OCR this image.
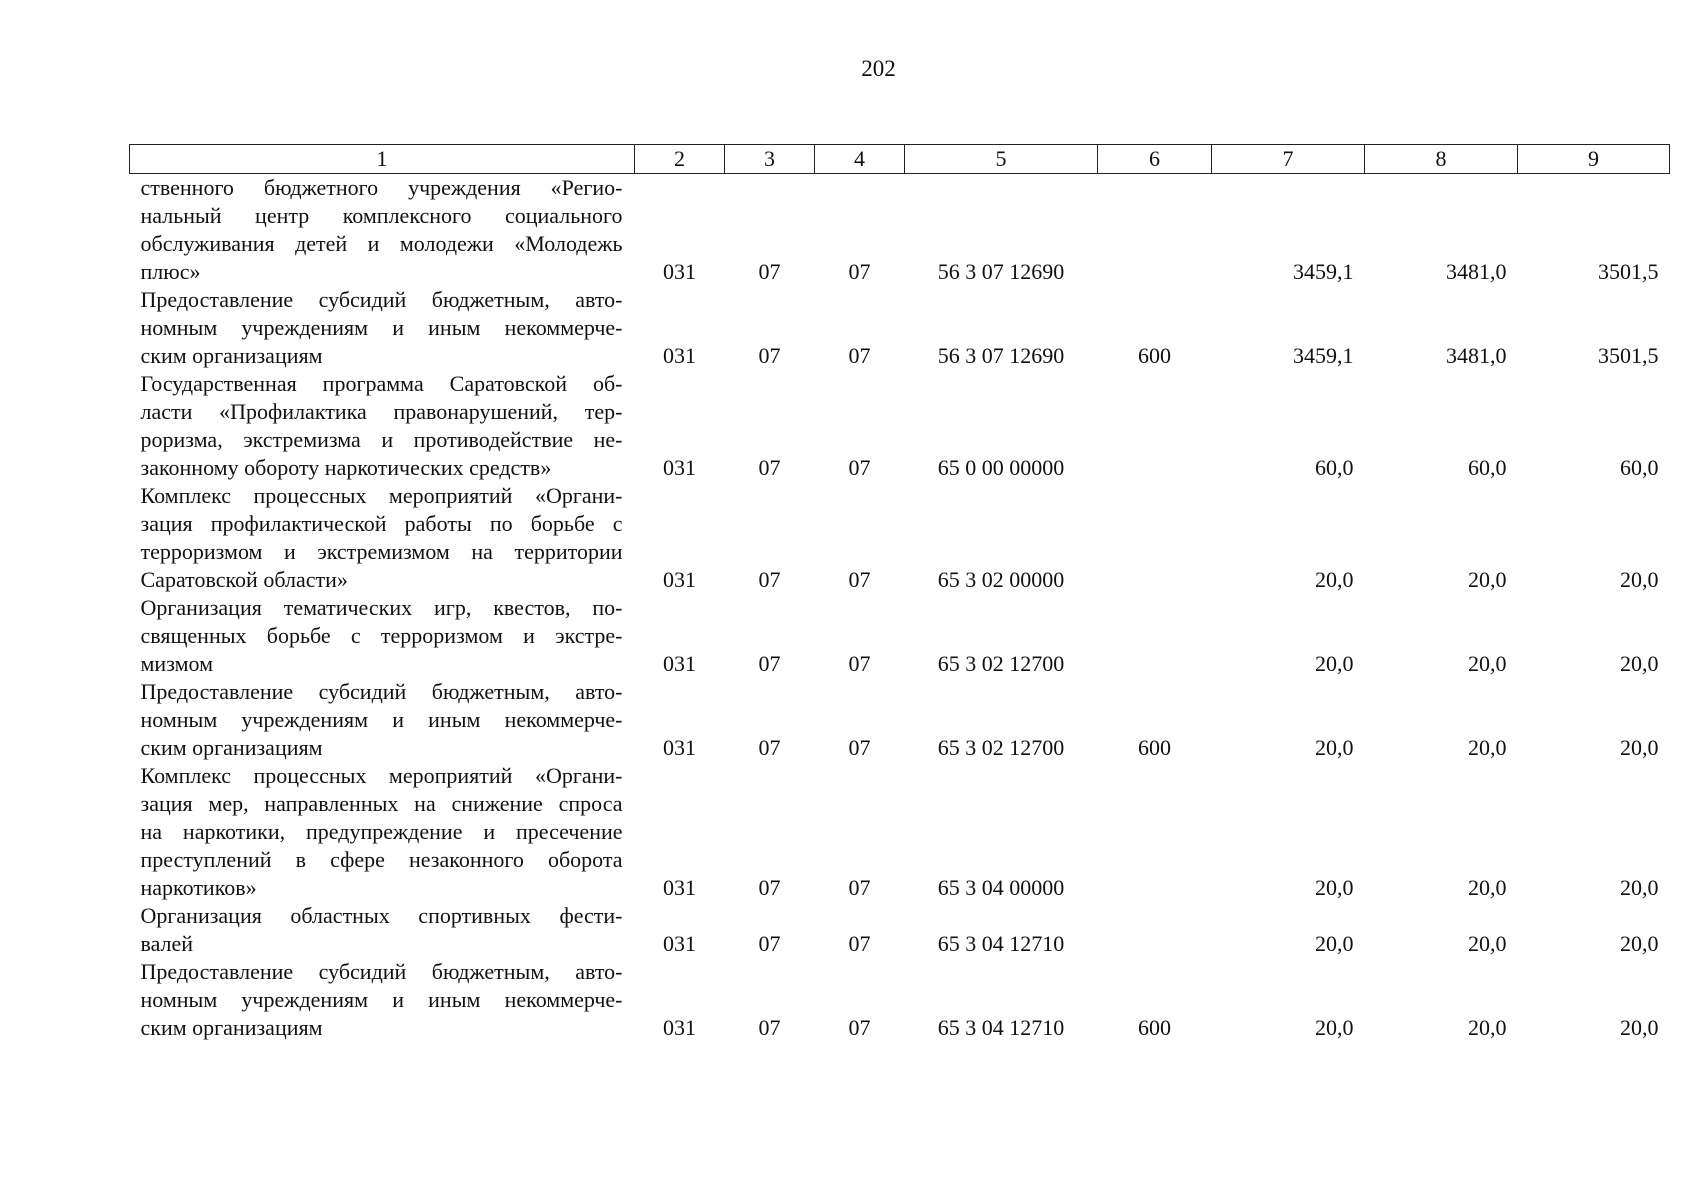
202
1	2	3	4	5	6	7	8	9

ственного бюджетного учреждения «Регио-
нальный центр комплексного социального
обслуживания детей и молодежи «Молодежь
плюс»	031	07	07	56 3 07 12690		3459,1	3481,0	3501,5

Предоставление субсидий бюджетным, авто-
номным учреждениям и иным некоммерче-
ским организациям	031	07	07	56 3 07 12690	600	3459,1	3481,0	3501,5

Государственная программа Саратовской об-
ласти «Профилактика правонарушений, тер-
роризма, экстремизма и противодействие не-
законному обороту наркотических средств»	031	07	07	65 0 00 00000		60,0	60,0	60,0

Комплекс процессных мероприятий «Органи-
зация профилактической работы по борьбе с
терроризмом и экстремизмом на территории
Саратовской области»	031	07	07	65 3 02 00000		20,0	20,0	20,0

Организация тематических игр, квестов, по-
священных борьбе с терроризмом и экстре-
мизмом	031	07	07	65 3 02 12700		20,0	20,0	20,0

Предоставление субсидий бюджетным, авто-
номным учреждениям и иным некоммерче-
ским организациям	031	07	07	65 3 02 12700	600	20,0	20,0	20,0

Комплекс процессных мероприятий «Органи-
зация мер, направленных на снижение спроса
на наркотики, предупреждение и пресечение
преступлений в сфере незаконного оборота
наркотиков»	031	07	07	65 3 04 00000		20,0	20,0	20,0

Организация областных спортивных фести-
валей	031	07	07	65 3 04 12710		20,0	20,0	20,0

Предоставление субсидий бюджетным, авто-
номным учреждениям и иным некоммерче-
ским организациям	031	07	07	65 3 04 12710	600	20,0	20,0	20,0
